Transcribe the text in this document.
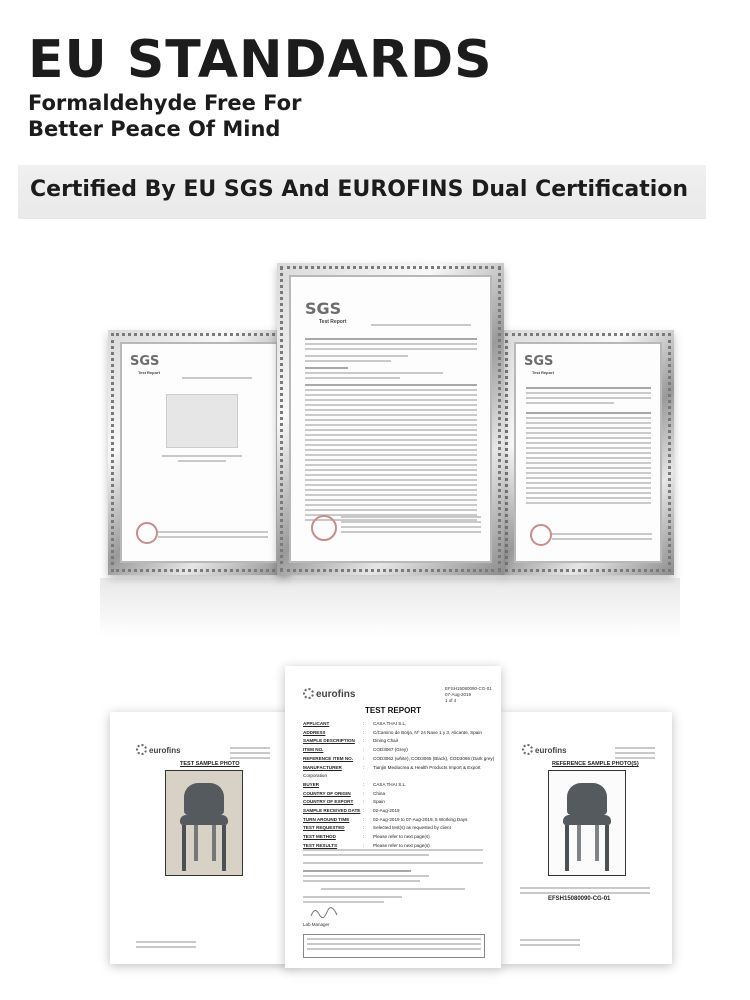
EU STANDARDS
Formaldehyde Free For
Better Peace Of Mind
Certified By EU SGS And EUROFINS Dual Certification
SGS
Test Report
SGS
Test Report
SGS
Test Report
eurofins
TEST SAMPLE PHOTO
eurofins
REFERENCE SAMPLE PHOTO(S)
EFSH15080090-CG-01
eurofins
EFSH15080090-CG-01
07-Aug-2019
1 of 4
TEST REPORT
APPLICANT	: CASA THAI S.L.
ADDRESS	: C/Camino de Borja, Nº 24 Nave 1 y 3, Alicante, Spain
SAMPLE DESCRIPTION : Dining Chair
ITEM NO.	: COD3067 (Grey)
REFERENCE ITEM NO. : COD3062 (white), COD3065 (Black), COD3066 (Dark grey)
MANUFACTURER	: Tianjin Mediocrea & Health Products Import & Export Corporation
BUYER	: CASA THAI S.L.
COUNTRY OF ORIGIN	: China
COUNTRY OF EXPORT : Spain
SAMPLE RECEIVED DATE : 02-Aug-2019
TURN AROUND TIME	: 02-Aug-2019 to 07-Aug-2019, 5 Working Days
TEST REQUESTED	: Selected test(s) as requested by client
TEST METHOD	: Please refer to next page(s)
TEST RESULTS	: Please refer to next page(s)
Lab Manager
